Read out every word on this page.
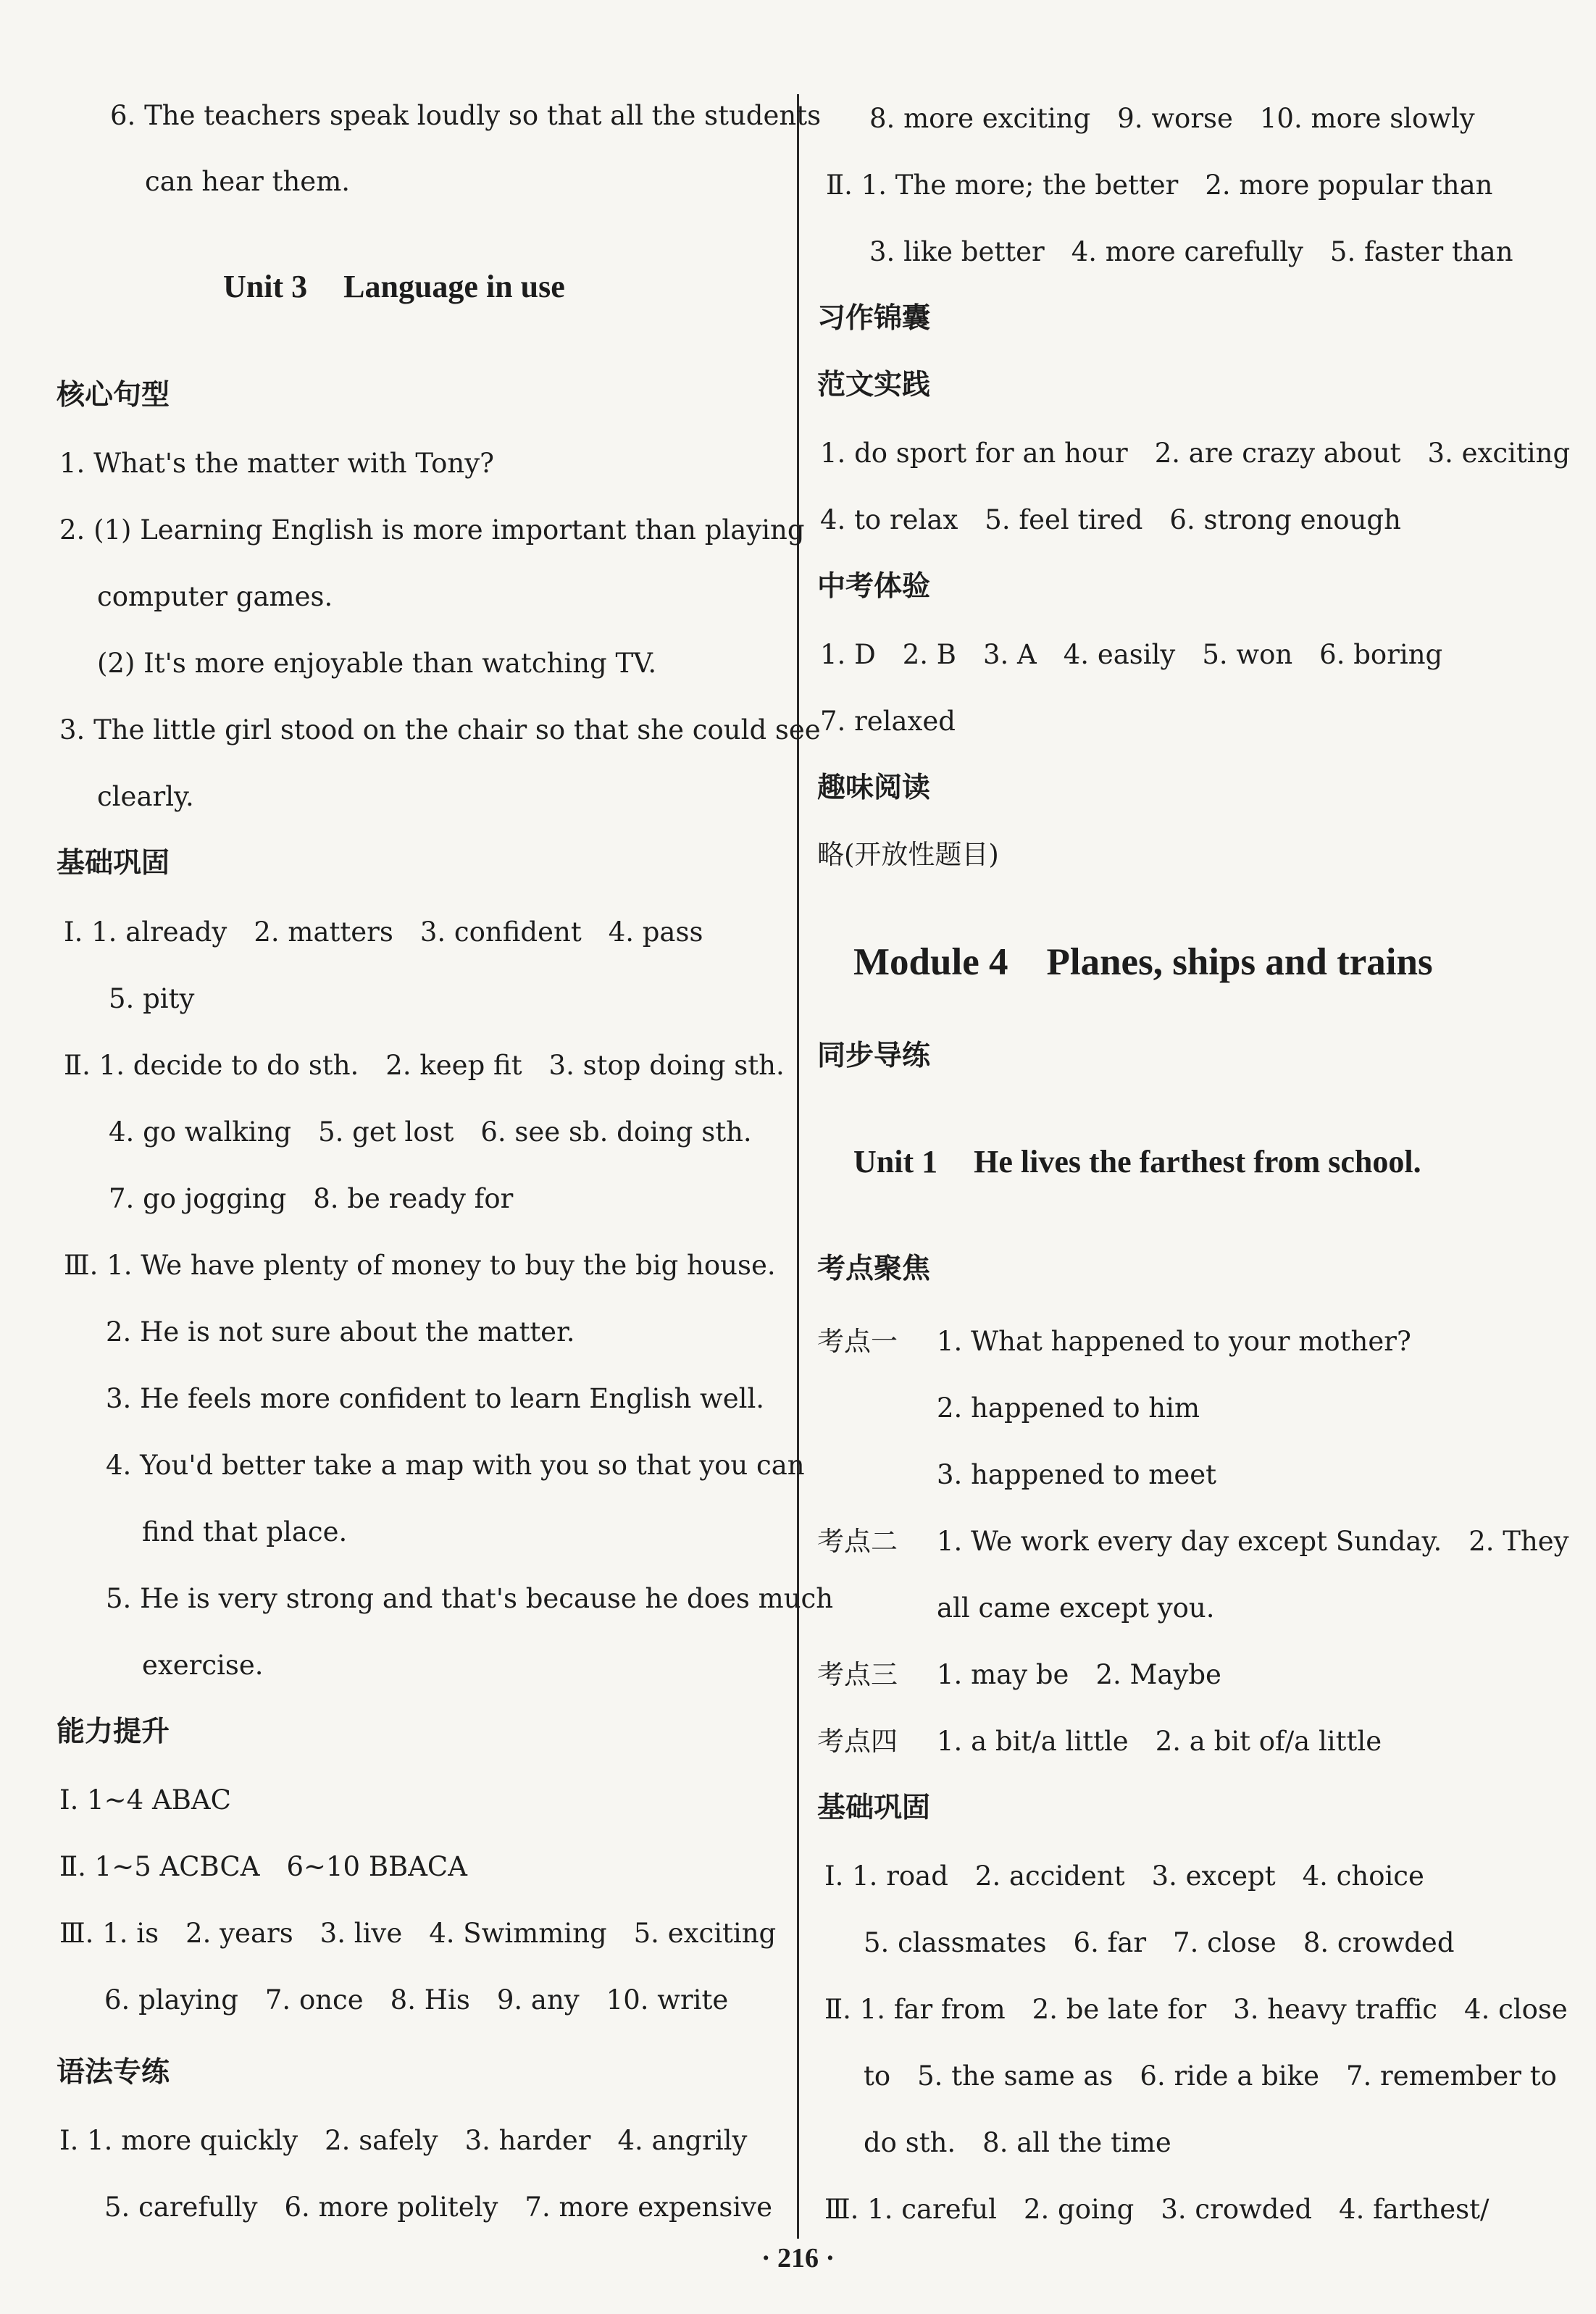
6. The teachers speak loudly so that all the students
can hear them.
Unit 3 Language in use
核心句型
1. What's the matter with Tony?
2. (1) Learning English is more important than playing
computer games.
(2) It's more enjoyable than watching TV.
3. The little girl stood on the chair so that she could see
clearly.
基础巩固
Ⅰ. 1. already　2. matters　3. confident　4. pass
5. pity
Ⅱ. 1. decide to do sth.　2. keep fit　3. stop doing sth.
4. go walking　5. get lost　6. see sb. doing sth.
7. go jogging　8. be ready for
Ⅲ. 1. We have plenty of money to buy the big house.
2. He is not sure about the matter.
3. He feels more confident to learn English well.
4. You'd better take a map with you so that you can
find that place.
5. He is very strong and that's because he does much
exercise.
能力提升
Ⅰ. 1~4 ABAC
Ⅱ. 1~5 ACBCA　6~10 BBACA
Ⅲ. 1. is　2. years　3. live　4. Swimming　5. exciting
6. playing　7. once　8. His　9. any　10. write
语法专练
Ⅰ. 1. more quickly　2. safely　3. harder　4. angrily
5. carefully　6. more politely　7. more expensive
8. more exciting　9. worse　10. more slowly
Ⅱ. 1. The more; the better　2. more popular than
3. like better　4. more carefully　5. faster than
习作锦囊
范文实践
1. do sport for an hour　2. are crazy about　3. exciting
4. to relax　5. feel tired　6. strong enough
中考体验
1. D　2. B　3. A　4. easily　5. won　6. boring
7. relaxed
趣味阅读
略(开放性题目)
Module 4　Planes, ships and trains
同步导练
Unit 1 He lives the farthest from school.
考点聚焦
考点一 1. What happened to your mother?
2. happened to him
3. happened to meet
考点二 1. We work every day except Sunday.　2. They
all came except you.
考点三 1. may be　2. Maybe
考点四 1. a bit/a little　2. a bit of/a little
基础巩固
Ⅰ. 1. road　2. accident　3. except　4. choice
5. classmates　6. far　7. close　8. crowded
Ⅱ. 1. far from　2. be late for　3. heavy traffic　4. close
to　5. the same as　6. ride a bike　7. remember to
do sth.　8. all the time
Ⅲ. 1. careful　2. going　3. crowded　4. farthest/
· 216 ·
